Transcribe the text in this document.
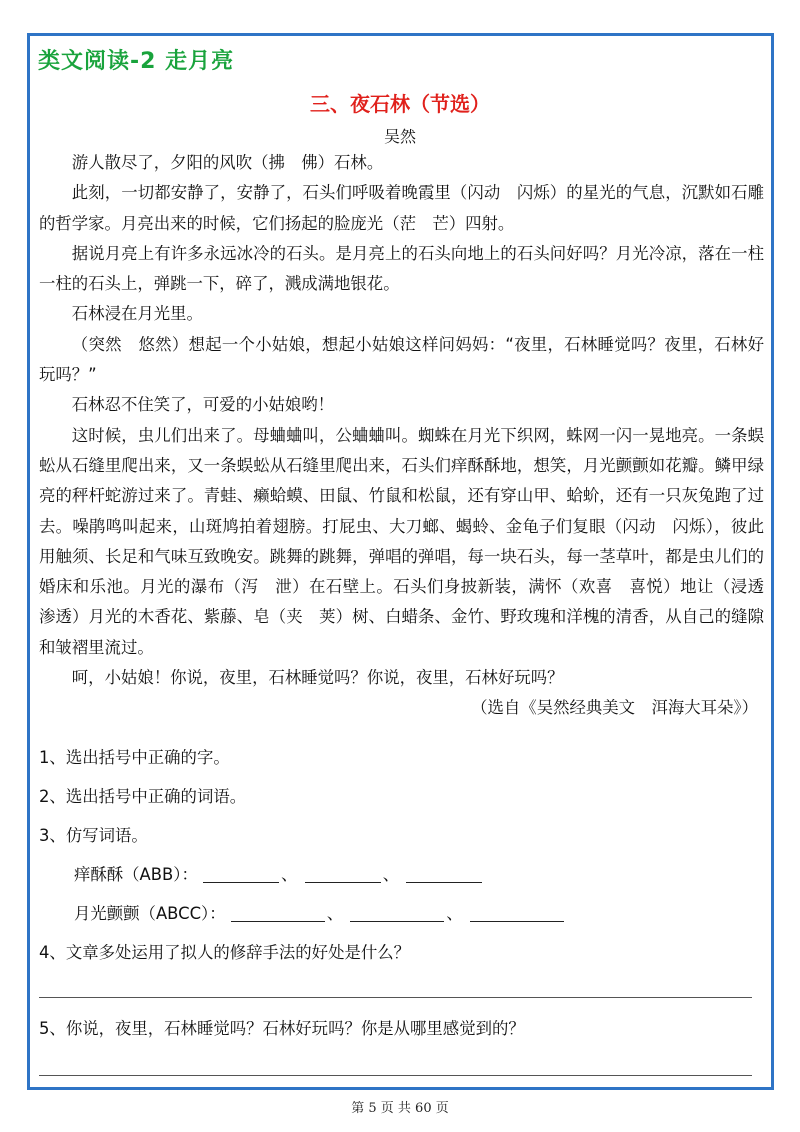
类文阅读-2 走月亮
三、夜石林（节选）
吴然

游人散尽了，夕阳的风吹（拂　佛）石林。

此刻，一切都安静了，安静了，石头们呼吸着晚霞里（闪动　闪烁）的星光的气息，沉默如石雕的哲学家。月亮出来的时候，它们扬起的脸庞光（茫　芒）四射。

据说月亮上有许多永远冰冷的石头。是月亮上的石头向地上的石头问好吗？月光冷凉，落在一柱一柱的石头上，弹跳一下，碎了，溅成满地银花。

石林浸在月光里。

（突然　悠然）想起一个小姑娘，想起小姑娘这样问妈妈：“夜里，石林睡觉吗？夜里，石林好玩吗？”

石林忍不住笑了，可爱的小姑娘哟！

这时候，虫儿们出来了。母蛐蛐叫，公蛐蛐叫。蜘蛛在月光下织网，蛛网一闪一晃地亮。一条蜈蚣从石缝里爬出来，又一条蜈蚣从石缝里爬出来，石头们痒酥酥地，想笑，月光颤颤如花瓣。鳞甲绿亮的秤杆蛇游过来了。青蛙、癞蛤蟆、田鼠、竹鼠和松鼠，还有穿山甲、蛤蚧，还有一只灰兔跑了过去。噪鹃鸣叫起来，山斑鸠拍着翅膀。打屁虫、大刀螂、蝎蛉、金龟子们复眼（闪动　闪烁），彼此用触须、长足和气味互致晚安。跳舞的跳舞，弹唱的弹唱，每一块石头，每一茎草叶，都是虫儿们的婚床和乐池。月光的瀑布（泻　泄）在石壁上。石头们身披新装，满怀（欢喜　喜悦）地让（浸透　渗透）月光的木香花、紫藤、皂（夹　荚）树、白蜡条、金竹、野玫瑰和洋槐的清香，从自己的缝隙和皱褶里流过。

呵，小姑娘！你说，夜里，石林睡觉吗？你说，夜里，石林好玩吗？

（选自《吴然经典美文　洱海大耳朵》）
1、选出括号中正确的字。
2、选出括号中正确的词语。
3、仿写词语。
痒酥酥（ABB）：	、	、
月光颤颤（ABCC）：	、	、
4、文章多处运用了拟人的修辞手法的好处是什么？
5、你说，夜里，石林睡觉吗？石林好玩吗？你是从哪里感觉到的？
第 5 页 共 60 页
